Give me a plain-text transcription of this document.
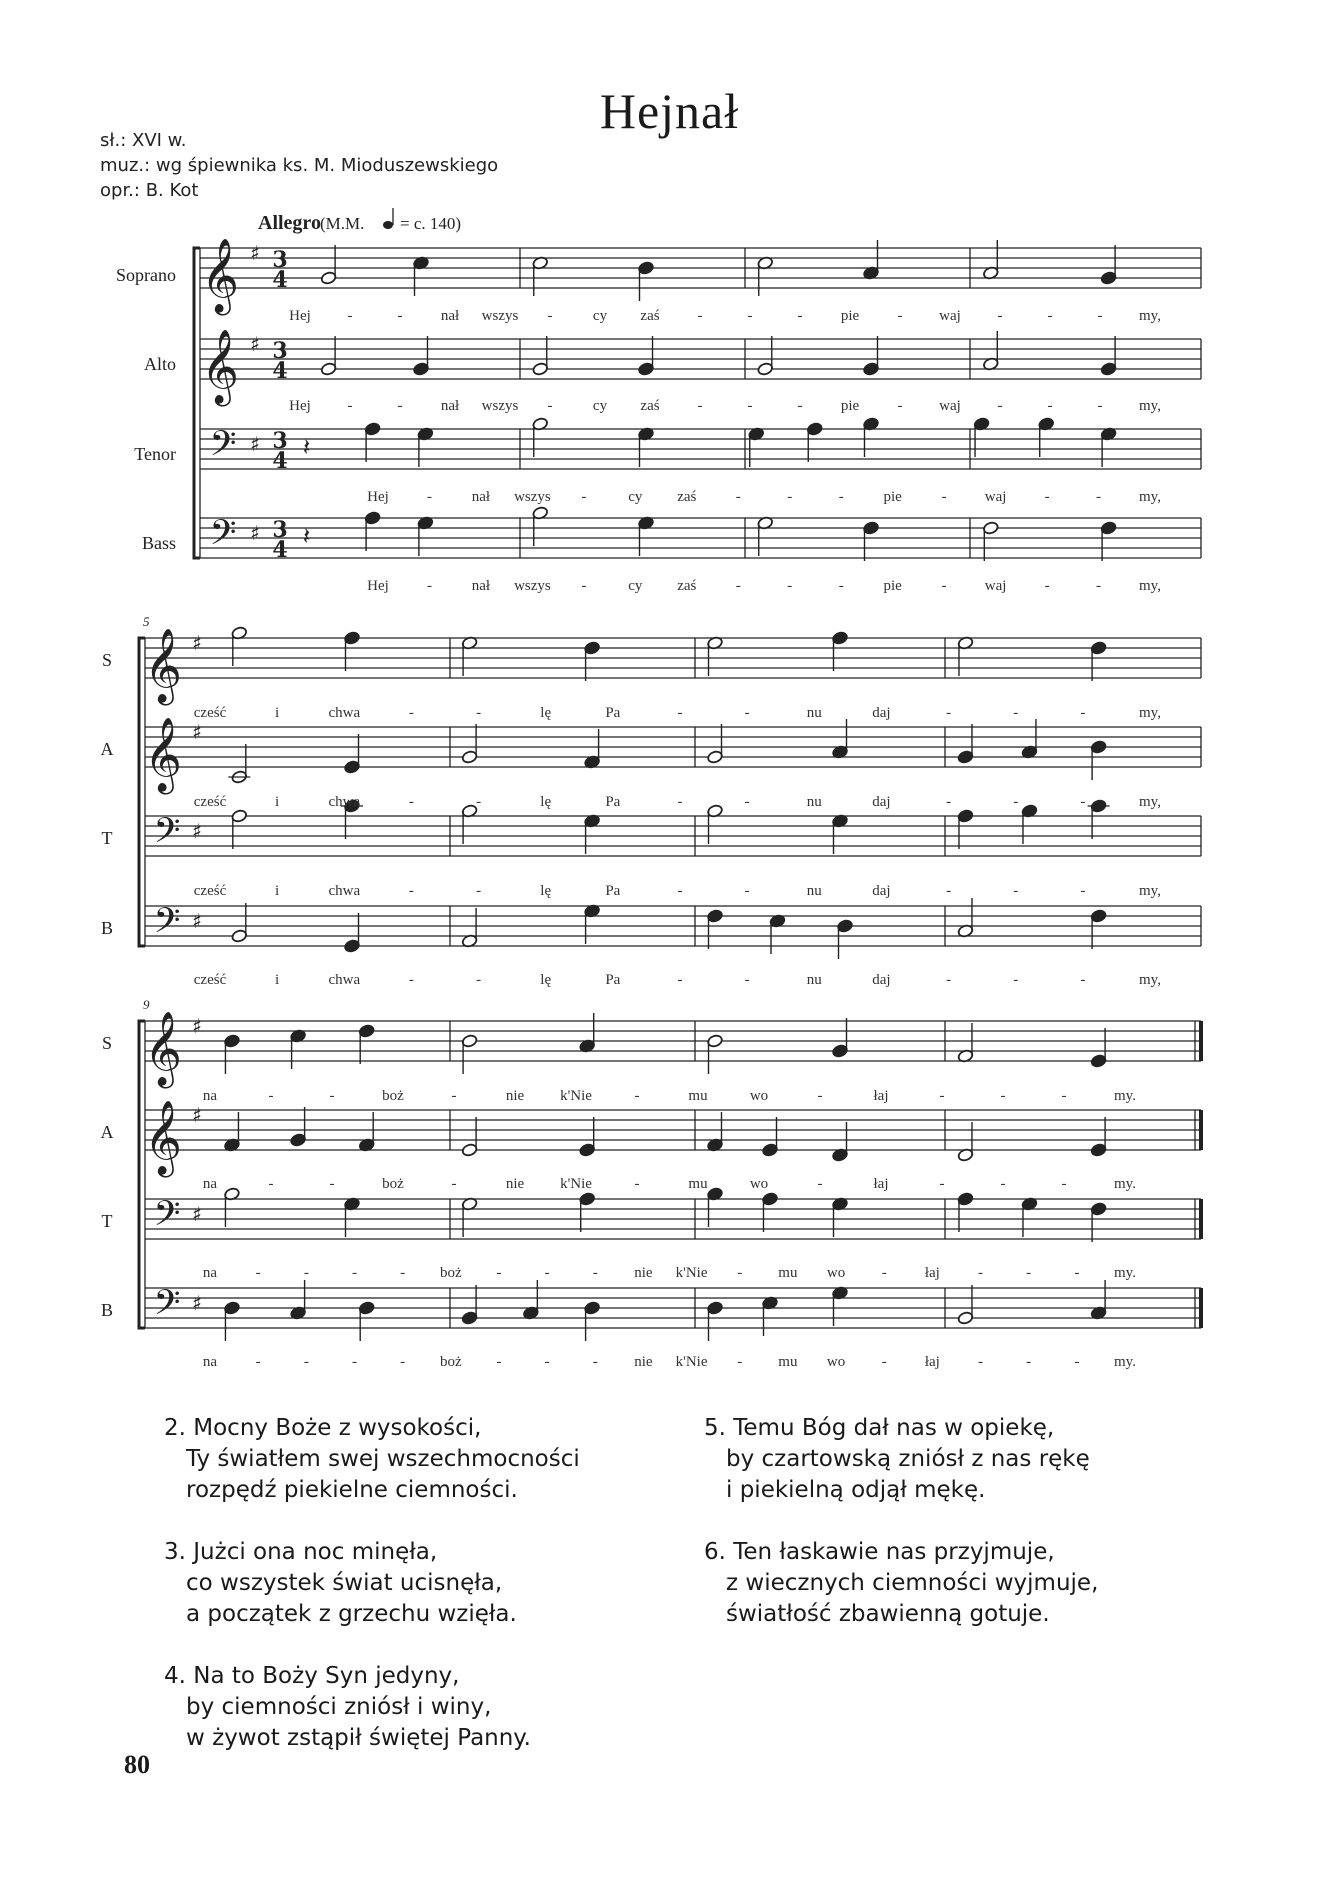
Hejnał
sł.: XVI w.
muz.: wg śpiewnika ks. M. Mioduszewskiego
opr.: B. Kot
Allegro (M.M. = c. 140)
Soprano
Alto
Tenor
Bass
𝄞 ♯ 3
4
𝄞 ♯ 3
4
𝄢 ♯ 3
4
𝄢 ♯ 3
4
𝄽
𝄽
Hej -	-	nał wszys -	cy zaś	-	-	-	pie	- waj -	-	- my,
Hej -	-	nał wszys -	cy zaś	-	-	-	pie	- waj -	-	- my,
Hej	-	nał wszys -	cy zaś	-	-	-	pie	-	waj	-	-	my,
Hej	-	nał wszys -	cy zaś	-	-	-	pie	-	waj	-	-	my,
5
S 𝄞 ♯
A 𝄞 ♯
T 𝄢 ♯
B 𝄢 ♯
cześć	i	chwa	-	-	lę	Pa	-	-	nu	daj	-	-	-	my,
cześć	i	chwa	-	-	lę	Pa	-	-	nu	daj	-	-	-	my,
cześć	i	chwa	-	-	lę	Pa	-	-	nu	daj	-	-	-	my,
cześć	i	chwa	-	-	lę	Pa	-	-	nu	daj	-	-	-	my,
9
S 𝄞 ♯
A 𝄞 ♯
T 𝄢 ♯
B 𝄢 ♯
na	-	-	boż	-	nie k'Nie	-	mu	wo	-	łaj	-	-	-	my.
na	-	-	boż	-	nie k'Nie	-	mu	wo	-	łaj	-	-	-	my.
na	-	-	-	- boż -	-	- nie k'Nie - mu wo -	łaj	-	-	- my.
na	-	-	-	- boż -	-	- nie k'Nie - mu wo -	łaj	-	-	- my.
2. Mocny Boże z wysokości,
Ty światłem swej wszechmocności
rozpędź piekielne ciemności.
3. Jużci ona noc minęła,
co wszystek świat ucisnęła,
a początek z grzechu wzięła.
4. Na to Boży Syn jedyny,
by ciemności zniósł i winy,
w żywot zstąpił świętej Panny.
5. Temu Bóg dał nas w opiekę,
by czartowską zniósł z nas rękę
i piekielną odjął mękę.
6. Ten łaskawie nas przyjmuje,
z wiecznych ciemności wyjmuje,
światłość zbawienną gotuje.
80
